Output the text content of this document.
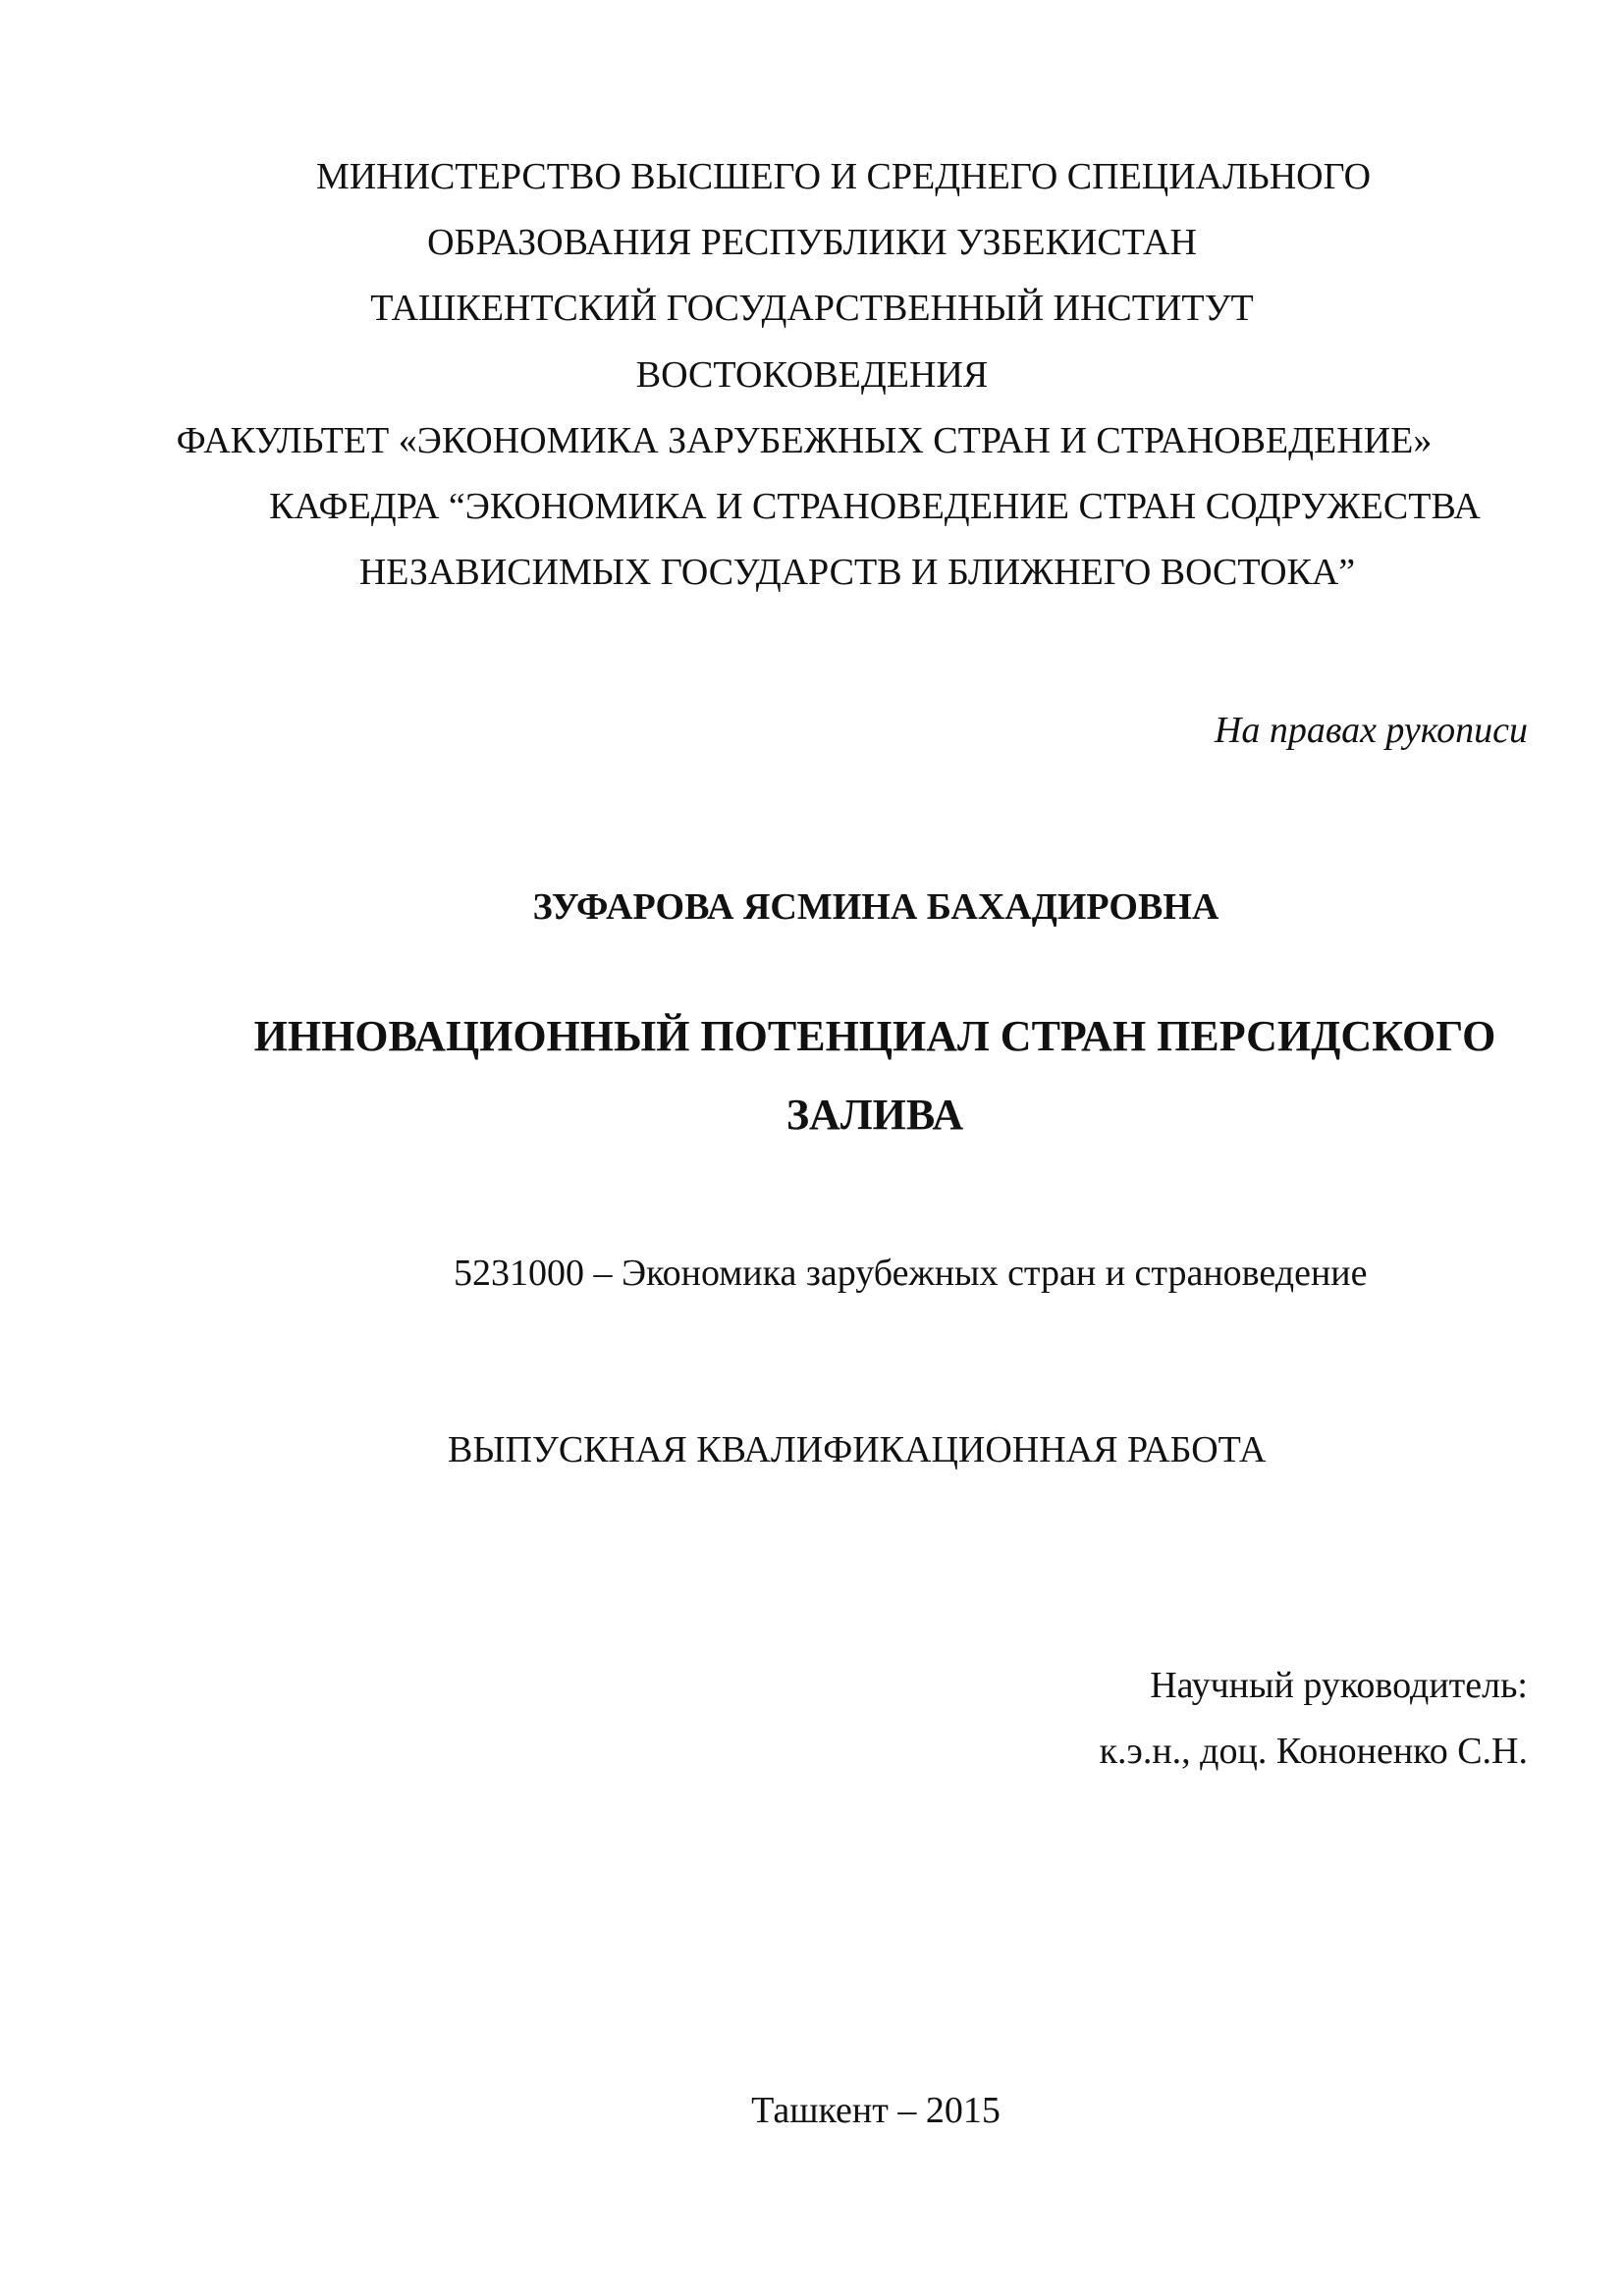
МИНИСТЕРСТВО ВЫСШЕГО И СРЕДНЕГО СПЕЦИАЛЬНОГО
ОБРАЗОВАНИЯ РЕСПУБЛИКИ УЗБЕКИСТАН
ТАШКЕНТСКИЙ ГОСУДАРСТВЕННЫЙ ИНСТИТУТ
ВОСТОКОВЕДЕНИЯ
ФАКУЛЬТЕТ «ЭКОНОМИКА ЗАРУБЕЖНЫХ СТРАН И СТРАНОВЕДЕНИЕ»
КАФЕДРА “ЭКОНОМИКА И СТРАНОВЕДЕНИЕ СТРАН СОДРУЖЕСТВА
НЕЗАВИСИМЫХ ГОСУДАРСТВ И БЛИЖНЕГО ВОСТОКА”
На правах рукописи
ЗУФАРОВА ЯСМИНА БАХАДИРОВНА
ИННОВАЦИОННЫЙ ПОТЕНЦИАЛ СТРАН ПЕРСИДСКОГО
ЗАЛИВА
5231000 – Экономика зарубежных стран и страноведение
ВЫПУСКНАЯ КВАЛИФИКАЦИОННАЯ РАБОТА
Научный руководитель:
к.э.н., доц. Кононенко С.Н.
Ташкент – 2015
